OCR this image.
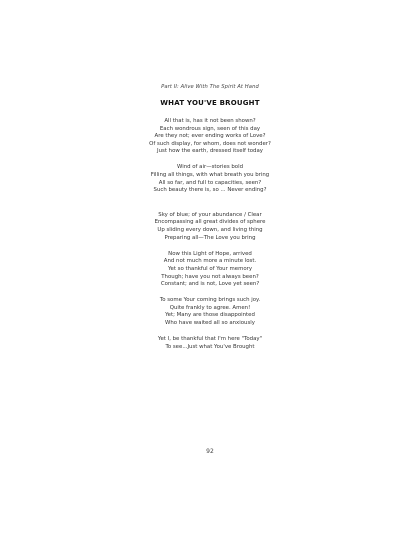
Part II: Alive With The Spirit At Hand
WHAT YOU'VE BROUGHT

All that is, has it not been shown?
Each wondrous sign, seen of this day
Are they not; ever ending works of Love?
Of such display, for whom, does not wonder?
Just how the earth, dressed itself today

Wind of air—stories bold
Filling all things, with what breath you bring
All so far, and full to capacities, seen?
Such beauty there is, so ... Never ending?

Sky of blue; of your abundance / Clear
Encompassing all great divides of sphere
Up sliding every down, and living thing
Preparing all—The Love you bring

Now this Light of Hope, arrived
And not much more a minute lost.
Yet so thankful of Your memory
Though; have you not always been?
Constant; and is not, Love yet seen?

To some Your coming brings such joy.
Quite frankly to agree. Amen!
Yet; Many are those disappointed
Who have waited all so anxiously

Yet I, be thankful that I'm here "Today"
To see...Just what You've Brought

92
